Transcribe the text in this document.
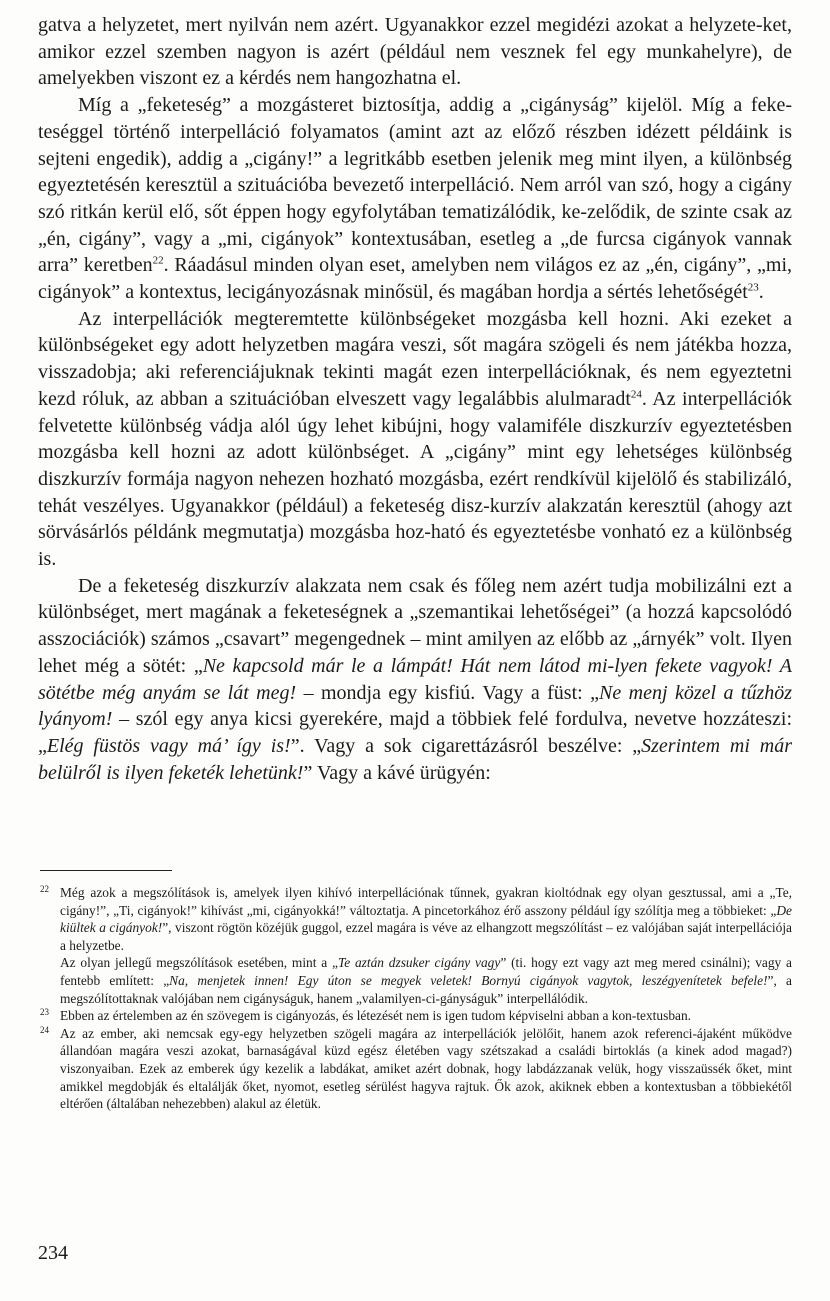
gatva a helyzetet, mert nyilván nem azért. Ugyanakkor ezzel megidézi azokat a helyzete-ket, amikor ezzel szemben nagyon is azért (például nem vesznek fel egy munkahelyre), de amelyekben viszont ez a kérdés nem hangozhatna el.

Míg a „feketeség” a mozgásteret biztosítja, addig a „cigányság” kijelöl. Míg a feke-teséggel történő interpelláció folyamatos (amint azt az előző részben idézett példáink is sejteni engedik), addig a „cigány!” a legritkább esetben jelenik meg mint ilyen, a különbség egyeztetésén keresztül a szituációba bevezető interpelláció. Nem arról van szó, hogy a cigány szó ritkán kerül elő, sőt éppen hogy egyfolytában tematizálódik, ke-zelődik, de szinte csak az „én, cigány”, vagy a „mi, cigányok” kontextusában, esetleg a „de furcsa cigányok vannak arra” keretben$^{22}$. Ráadásul minden olyan eset, amelyben nem világos ez az „én, cigány”, „mi, cigányok” a kontextus, lecigányozásnak minősül, és magában hordja a sértés lehetőségét$^{23}$.

Az interpellációk megteremtette különbségeket mozgásba kell hozni. Aki ezeket a különbségeket egy adott helyzetben magára veszi, sőt magára szögeli és nem játékba hozza, visszadobja; aki referenciájuknak tekinti magát ezen interpellációknak, és nem egyeztetni kezd róluk, az abban a szituációban elveszett vagy legalábbis alulmaradt$^{24}$. Az interpellációk felvetette különbség vádja alól úgy lehet kibújni, hogy valamiféle diszkurzív egyeztetésben mozgásba kell hozni az adott különbséget. A „cigány” mint egy lehetséges különbség diszkurzív formája nagyon nehezen hozható mozgásba, ezért rendkívül kijelölő és stabilizáló, tehát veszélyes. Ugyanakkor (például) a feketeség disz-kurzív alakzatán keresztül (ahogy azt sörvásárlós példánk megmutatja) mozgásba hoz-ható és egyeztetésbe vonható ez a különbség is.

De a feketeség diszkurzív alakzata nem csak és főleg nem azért tudja mobilizálni ezt a különbséget, mert magának a feketeségnek a „szemantikai lehetőségei” (a hozzá kapcsolódó asszociációk) számos „csavart” megengednek – mint amilyen az előbb az „árnyék” volt. Ilyen lehet még a sötét: „Ne kapcsold már le a lámpát! Hát nem látod mi-lyen fekete vagyok! A sötétbe még anyám se lát meg! – mondja egy kisfiú. Vagy a füst: „Ne menj közel a tűzhöz lyányom! – szól egy anya kicsi gyerekére, majd a többiek felé fordulva, nevetve hozzáteszi: „Elég füstös vagy má’ így is!”. Vagy a sok cigarettázásról beszélve: „Szerintem mi már belülről is ilyen feketék lehetünk!” Vagy a kávé ürügyén:

22 Még azok a megszólítások is, amelyek ilyen kihívó interpellációnak tűnnek, gyakran kioltódnak egy olyan gesztussal, ami a „Te, cigány!”, „Ti, cigányok!” kihívást „mi, cigányokká!” változtatja. A pincetorkához érő asszony például így szólítja meg a többieket: „De kiültek a cigányok!”, viszont rögtön közéjük guggol, ezzel magára is véve az elhangzott megszólítást – ez valójában saját interpellációja a helyzetbe.

Az olyan jellegű megszólítások esetében, mint a „Te aztán dzsuker cigány vagy” (ti. hogy ezt vagy azt meg mered csinálni); vagy a fentebb említett: „Na, menjetek innen! Egy úton se megyek veletek! Bornyú cigányok vagytok, leszégyenítetek befele!”, a megszólítottaknak valójában nem cigányságuk, hanem „valamilyen-ci-gányságuk” interpellálódik.

23 Ebben az értelemben az én szövegem is cigányozás, és létezését nem is igen tudom képviselni abban a kon-textusban.

24 Az az ember, aki nemcsak egy-egy helyzetben szögeli magára az interpellációk jelölőit, hanem azok referenci-ájaként működve állandóan magára veszi azokat, barnaságával küzd egész életében vagy szétszakad a családi birtoklás (a kinek adod magad?) viszonyaiban. Ezek az emberek úgy kezelik a labdákat, amiket azért dobnak, hogy labdázzanak velük, hogy visszaüssék őket, mint amikkel megdobják és eltalálják őket, nyomot, esetleg sérülést hagyva rajtuk. Ők azok, akiknek ebben a kontextusban a többiekétől eltérően (általában nehezebben) alakul az életük.

234
